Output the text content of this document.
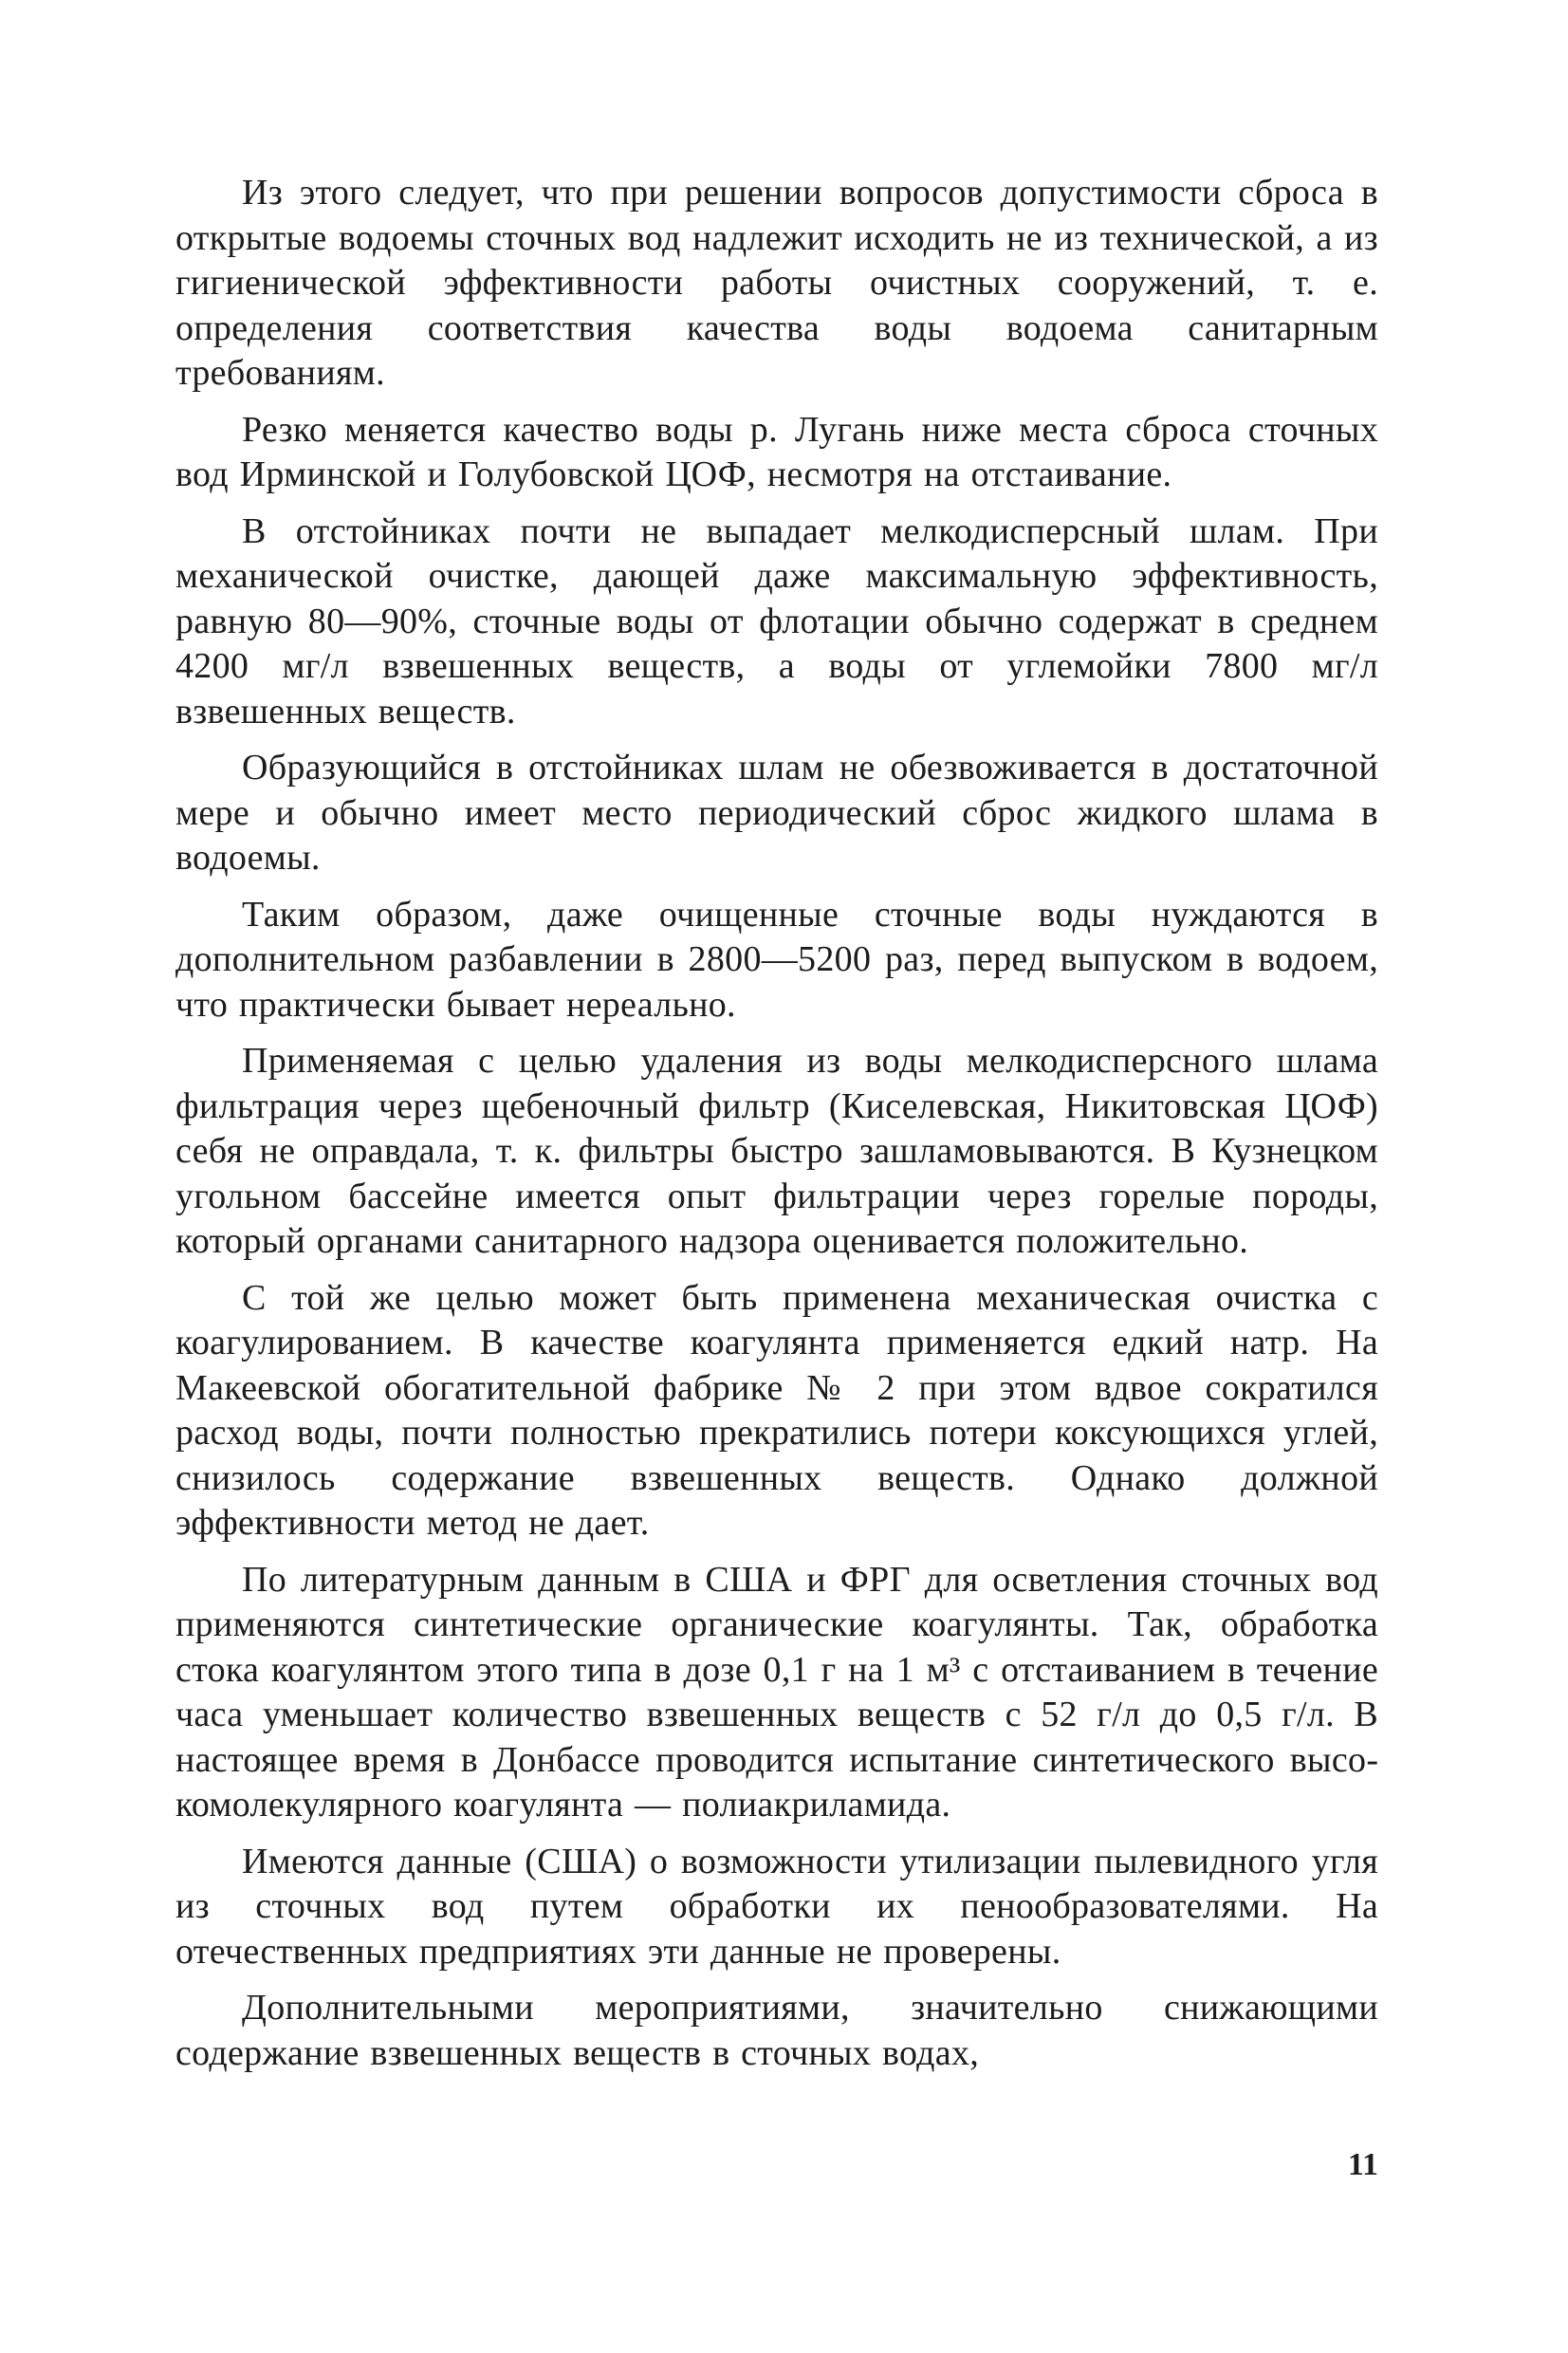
Из этого следует, что при решении вопросов допустимости сброса в открытые водоемы сточных вод надлежит исходить не из технической, а из гигиенической эффективности работы очистных сооружений, т. е. определения соответствия качества воды водоема санитарным требованиям.

Резко меняется качество воды р. Лугань ниже места сброса сточных вод Ирминской и Голубовской ЦОФ, несмотря на отстаивание.

В отстойниках почти не выпадает мелкодисперсный шлам. При механической очистке, дающей даже максимальную эффективность, равную 80—90%, сточные воды от флотации обычно содержат в среднем 4200 мг/л взвешенных веществ, а воды от углемойки 7800 мг/л взвешенных веществ.

Образующийся в отстойниках шлам не обезвоживается в достаточной мере и обычно имеет место периодический сброс жидкого шлама в водоемы.

Таким образом, даже очищенные сточные воды нуждаются в дополнительном разбавлении в 2800—5200 раз, перед выпуском в водоем, что практически бывает нереально.

Применяемая с целью удаления из воды мелкодисперсного шлама фильтрация через щебеночный фильтр (Киселевская, Никитовская ЦОФ) себя не оправдала, т. к. фильтры быстро зашламовываются. В Кузнецком угольном бассейне имеется опыт фильтрации через горелые породы, который органами санитарного надзора оценивается положительно.

С той же целью может быть применена механическая очистка с коагулированием. В качестве коагулянта применяется едкий натр. На Макеевской обогатительной фабрике № 2 при этом вдвое сократился расход воды, почти полностью прекратились потери коксующихся углей, снизилось содержание взвешенных веществ. Однако должной эффективности метод не дает.

По литературным данным в США и ФРГ для осветления сточных вод применяются синтетические органические коагулянты. Так, обработка стока коагулянтом этого типа в дозе 0,1 г на 1 м³ с отстаиванием в течение часа уменьшает количество взвешенных веществ с 52 г/л до 0,5 г/л. В настоящее время в Донбассе проводится испытание синтетического высокомолекулярного коагулянта — полиакриламида.

Имеются данные (США) о возможности утилизации пылевидного угля из сточных вод путем обработки их пенообразователями. На отечественных предприятиях эти данные не проверены.

Дополнительными мероприятиями, значительно снижающими содержание взвешенных веществ в сточных водах,

11
